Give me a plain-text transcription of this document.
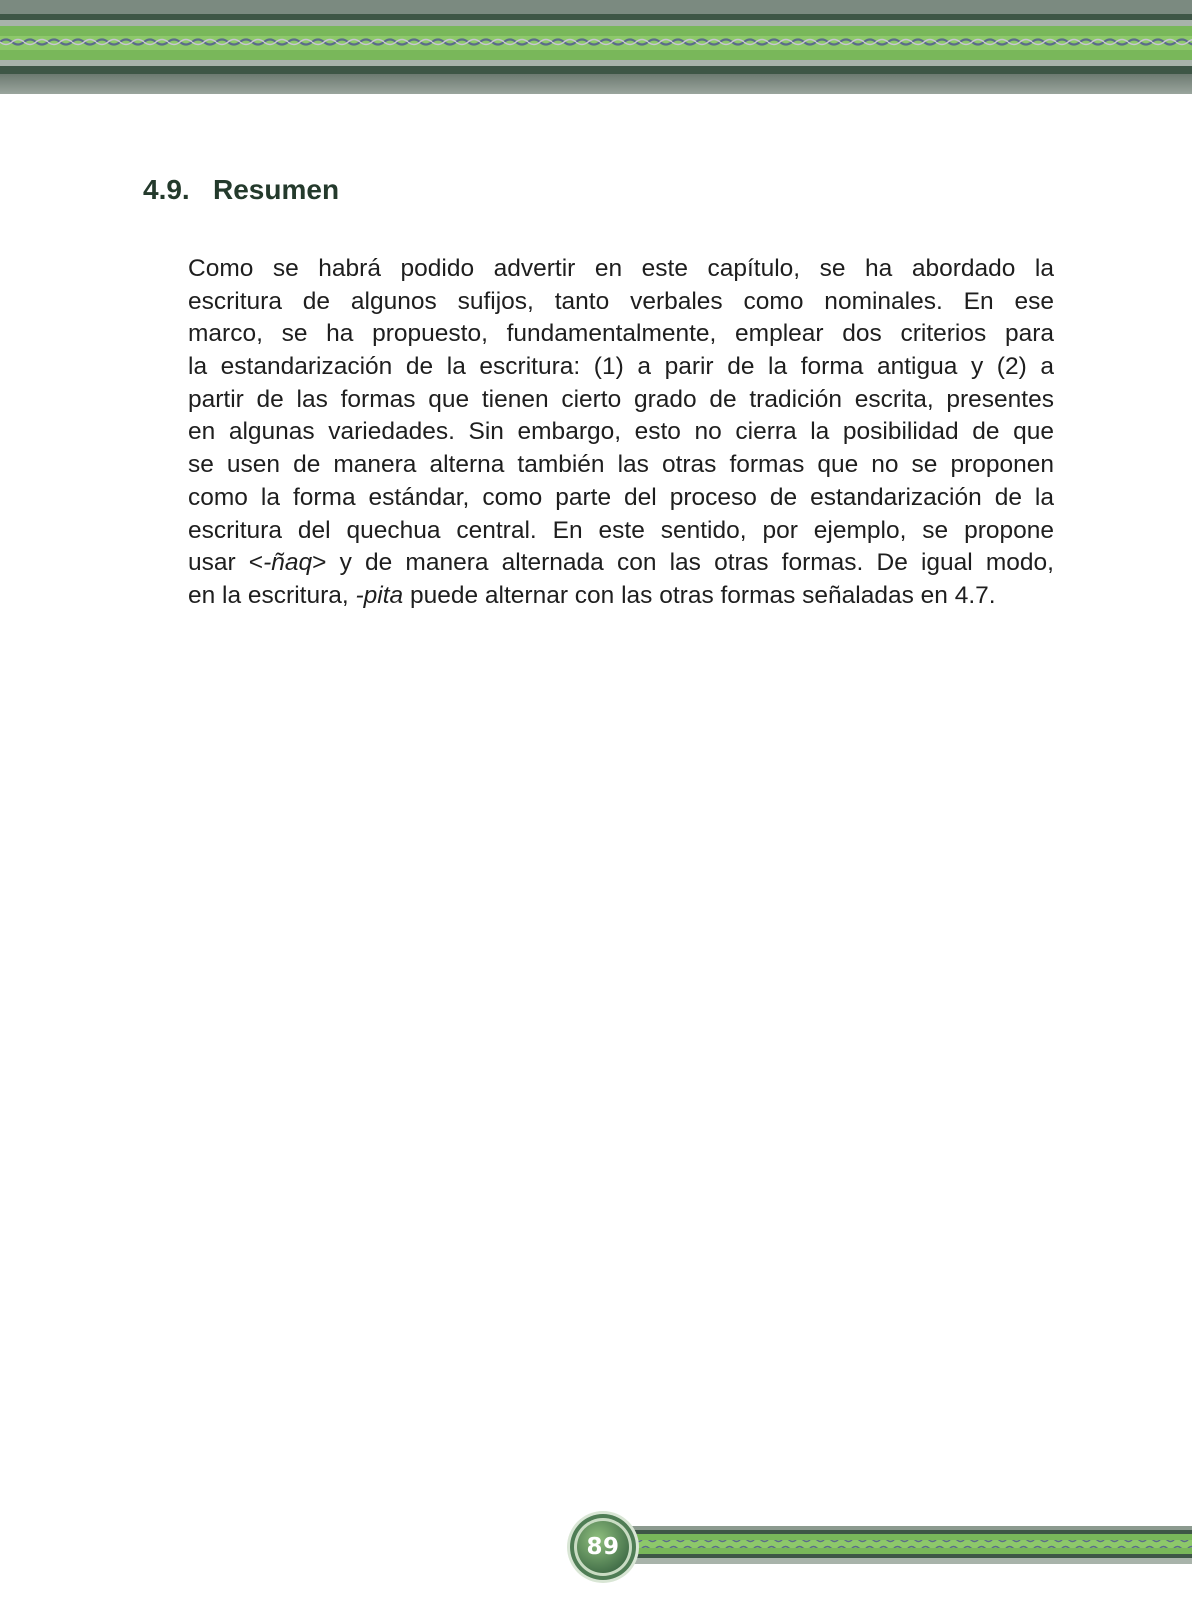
4.9. Resumen
Como se habrá podido advertir en este capítulo, se ha abordado la
escritura de algunos sufijos, tanto verbales como nominales. En ese
marco, se ha propuesto, fundamentalmente, emplear dos criterios para
la estandarización de la escritura: (1) a parir de la forma antigua y (2) a
partir de las formas que tienen cierto grado de tradición escrita, presentes
en algunas variedades. Sin embargo, esto no cierra la posibilidad de que
se usen de manera alterna también las otras formas que no se proponen
como la forma estándar, como parte del proceso de estandarización de la
escritura del quechua central. En este sentido, por ejemplo, se propone
usar <-ñaq> y de manera alternada con las otras formas. De igual modo,
en la escritura, -pita puede alternar con las otras formas señaladas en 4.7.
89
